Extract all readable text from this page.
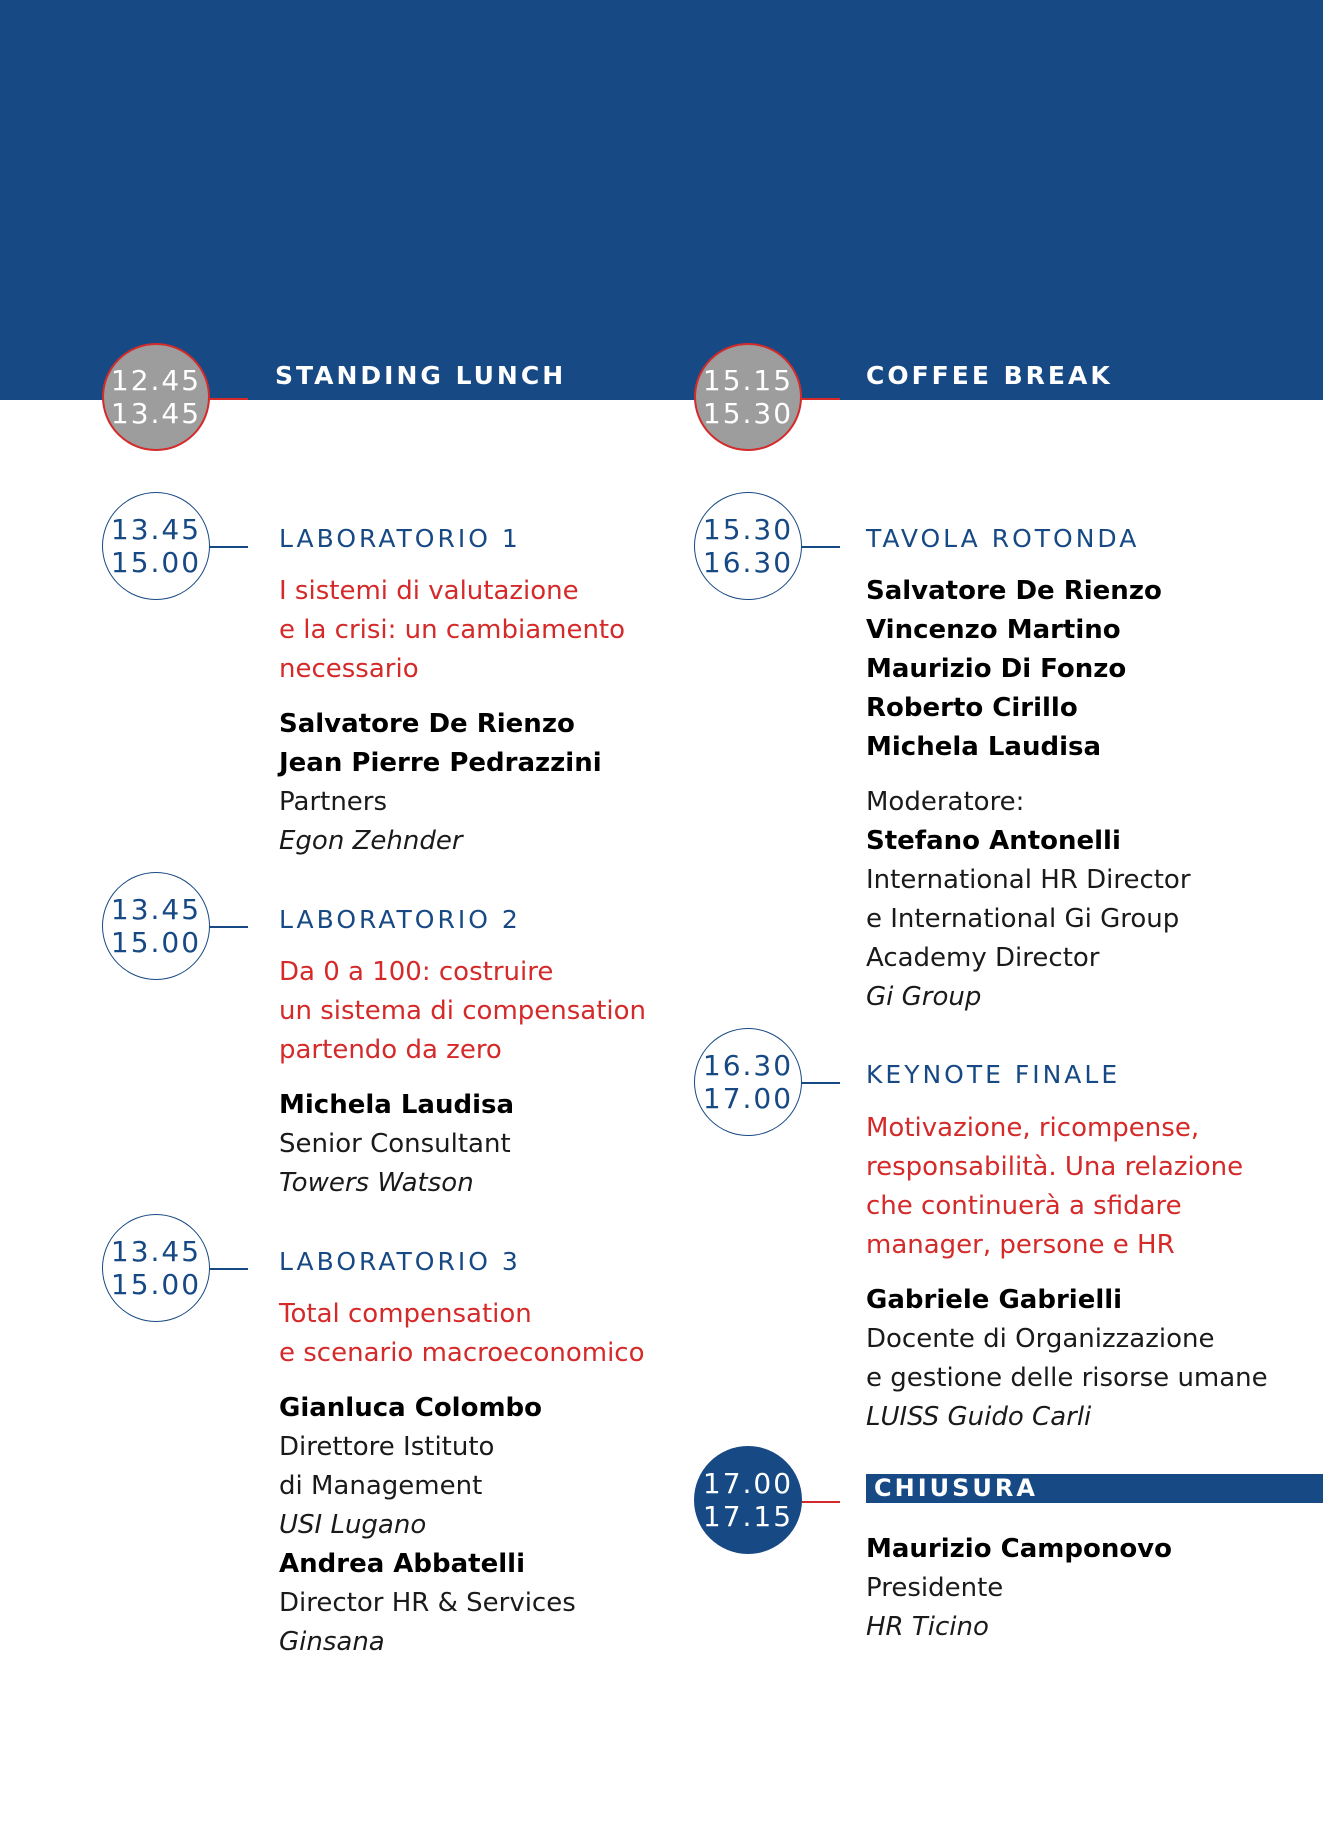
12.45
13.45
STANDING LUNCH
13.45
15.00
LABORATORIO 1
I sistemi di valutazione
e la crisi: un cambiamento
necessario
Salvatore De Rienzo
Jean Pierre Pedrazzini
Partners
Egon Zehnder
13.45
15.00
LABORATORIO 2
Da 0 a 100: costruire
un sistema di compensation
partendo da zero
Michela Laudisa
Senior Consultant
Towers Watson
13.45
15.00
LABORATORIO 3
Total compensation
e scenario macroeconomico
Gianluca Colombo
Direttore Istituto
di Management
USI Lugano
Andrea Abbatelli
Director HR & Services
Ginsana
15.15
15.30
COFFEE BREAK
15.30
16.30
TAVOLA ROTONDA
Salvatore De Rienzo
Vincenzo Martino
Maurizio Di Fonzo
Roberto Cirillo
Michela Laudisa
Moderatore:
Stefano Antonelli
International HR Director
e International Gi Group
Academy Director
Gi Group
16.30
17.00
KEYNOTE FINALE
Motivazione, ricompense,
responsabilità. Una relazione
che continuerà a sfidare
manager, persone e HR
Gabriele Gabrielli
Docente di Organizzazione
e gestione delle risorse umane
LUISS Guido Carli
17.00
17.15
CHIUSURA
Maurizio Camponovo
Presidente
HR Ticino
